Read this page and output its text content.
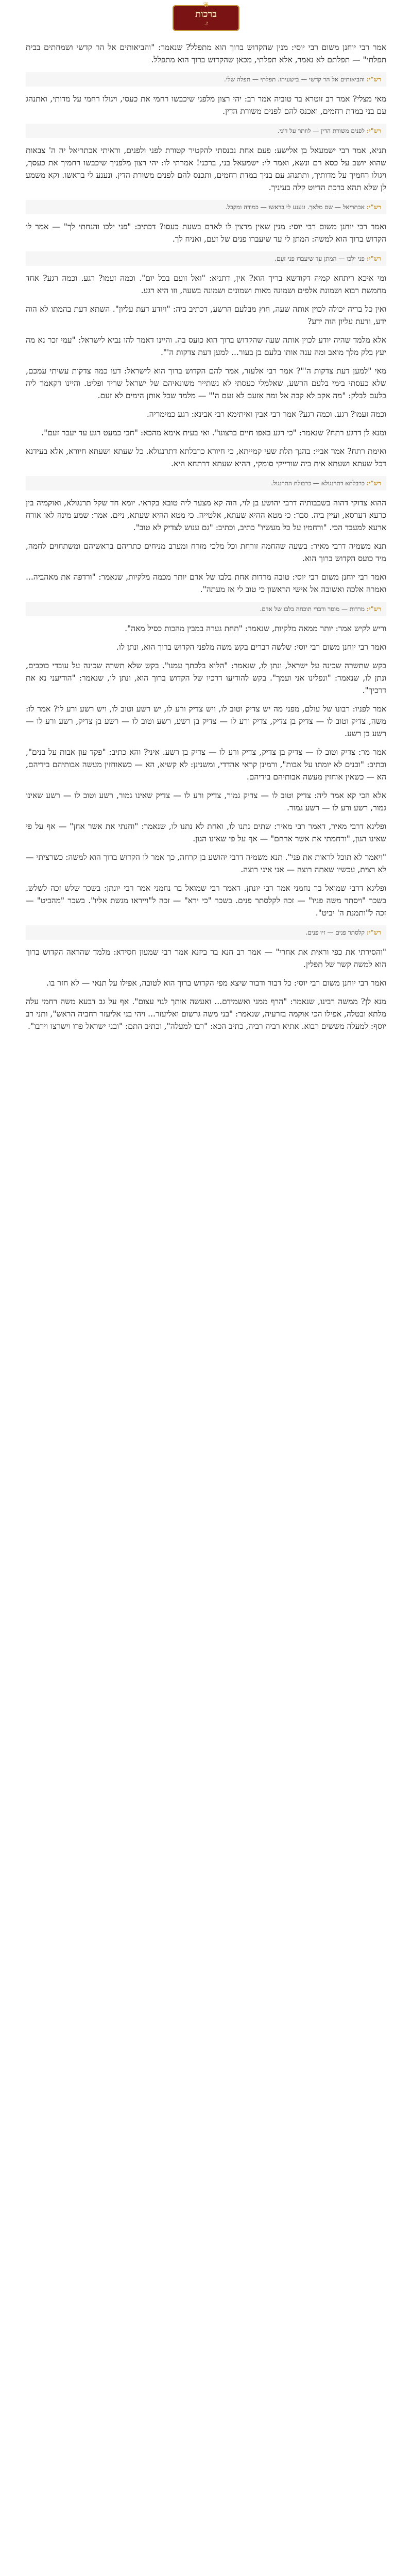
❦
ברכות
ז.

אמר רבי יוחנן משום רבי יוסי: מנין שהקדוש ברוך הוא מתפלל? שנאמר: "והביאותים אל הר קדשי ושמחתים בבית תפלתי" — תפלתם לא נאמר, אלא תפלתי, מכאן שהקדוש ברוך הוא מתפלל.

רש"י: והביאותים אל הר קדשי — בישעיהו. תפלתי — תפלה שלי.

מאי מצלי? אמר רב זוטרא בר טוביה אמר רב: יהי רצון מלפני שיכבשו רחמי את כעסי, ויגולו רחמי על מדותי, ואתנהג עם בני במדת רחמים, ואכנס להם לפנים משורת הדין.

רש"י: לפנים משורת הדין — לוותר על דיני.

תניא, אמר רבי ישמעאל בן אלישע: פעם אחת נכנסתי להקטיר קטורת לפני ולפנים, וראיתי אכתריאל יה ה' צבאות שהוא יושב על כסא רם ונשא, ואמר לי: ישמעאל בני, ברכני! אמרתי לו: יהי רצון מלפניך שיכבשו רחמיך את כעסך, ויגולו רחמיך על מדותיך, ותתנהג עם בניך במדת רחמים, ותכנס להם לפנים משורת הדין. ונענע לי בראשו. וקא משמע לן שלא תהא ברכת הדיוט קלה בעיניך.

רש"י: אכתריאל — שם מלאך. ונענע לי בראשו — כמודה ומקבל.

ואמר רבי יוחנן משום רבי יוסי: מנין שאין מרצין לו לאדם בשעת כעסו? דכתיב: "פני ילכו והנחתי לך" — אמר לו הקדוש ברוך הוא למשה: המתן לי עד שיעברו פנים של זעם, ואניח לך.

רש"י: פני ילכו — המתן עד שיעברו פני זעם.

ומי איכא ריתחא קמיה דקודשא בריך הוא? אין, דתניא: "ואל זועם בכל יום". וכמה זעמו? רגע. וכמה רגע? אחד מחמשת רבוא ושמונת אלפים ושמונה מאות ושמונים ושמונה בשעה, וזו היא רגע.

ואין כל בריה יכולה לכוין אותה שעה, חוץ מבלעם הרשע, דכתיב ביה: "ויודע דעת עליון". השתא דעת בהמתו לא הוה ידע, ודעת עליון הוה ידע?

אלא מלמד שהיה יודע לכוין אותה שעה שהקדוש ברוך הוא כועס בה. והיינו דאמר להו נביא לישראל: "עמי זכר נא מה יעץ בלק מלך מואב ומה ענה אותו בלעם בן בעור... למען דעת צדקות ה'".

מאי "למען דעת צדקות ה'"? אמר רבי אלעזר, אמר להם הקדוש ברוך הוא לישראל: דעו כמה צדקות עשיתי עמכם, שלא כעסתי בימי בלעם הרשע, שאלמלי כעסתי לא נשתייר משונאיהם של ישראל שריד ופליט. והיינו דקאמר ליה בלעם לבלק: "מה אקב לא קבה אל ומה אזעם לא זעם ה'" — מלמד שכל אותן הימים לא זעם.

וכמה זעמו? רגע. וכמה רגע? אמר רבי אבין ואיתימא רבי אבינא: רגע כמימריה.

ומנא לן דרגע רתח? שנאמר: "כי רגע באפו חיים ברצונו". ואי בעית אימא מהכא: "חבי כמעט רגע עד יעבר זעם".

ואימת רתח? אמר אביי: בהנך תלת שעי קמייתא, כי חיורא כרבלתא דתרנגולא. כל שעתא ושעתא חיורא, אלא בעידנא דכל שעתא ושעתא אית ביה שורייקי סומקי, ההיא שעתא דרתחא היא.

רש"י: כרבלתא דתרנגולא — כרבולת התרנגול.

ההוא צדוקי דהוה בשבבותיה דרבי יהושע בן לוי, הוה קא מצער ליה טובא בקראי. יומא חד שקל תרנגולא, ואוקמיה בין כרעא דערסא, ועיין ביה. סבר: כי מטא ההיא שעתא, אלטייה. כי מטא ההיא שעתא, ניים. אמר: שמע מינה לאו אורח ארעא למעבד הכי. "ורחמיו על כל מעשיו" כתיב, וכתיב: "גם ענוש לצדיק לא טוב".

תנא משמיה דרבי מאיר: בשעה שהחמה זורחת וכל מלכי מזרח ומערב מניחים כתריהם בראשיהם ומשתחוים לחמה, מיד כועס הקדוש ברוך הוא.

ואמר רבי יוחנן משום רבי יוסי: טובה מרדות אחת בלבו של אדם יותר מכמה מלקיות, שנאמר: "ורדפה את מאהביה... ואמרה אלכה ואשובה אל אישי הראשון כי טוב לי אז מעתה".

רש"י: מרדות — מוסר ודברי תוכחה בלבו של אדם.

וריש לקיש אמר: יותר ממאה מלקיות, שנאמר: "תחת גערה במבין מהכות כסיל מאה".

ואמר רבי יוחנן משום רבי יוסי: שלשה דברים בקש משה מלפני הקדוש ברוך הוא, ונתן לו.

בקש שתשרה שכינה על ישראל, ונתן לו, שנאמר: "הלוא בלכתך עמנו". בקש שלא תשרה שכינה על עובדי כוכבים, ונתן לו, שנאמר: "ונפלינו אני ועמך". בקש להודיעו דרכיו של הקדוש ברוך הוא, ונתן לו, שנאמר: "הודיעני נא את דרכיך".

אמר לפניו: רבונו של עולם, מפני מה יש צדיק וטוב לו, ויש צדיק ורע לו, יש רשע וטוב לו, ויש רשע ורע לו? אמר לו: משה, צדיק וטוב לו — צדיק בן צדיק, צדיק ורע לו — צדיק בן רשע, רשע וטוב לו — רשע בן צדיק, רשע ורע לו — רשע בן רשע.

אמר מר: צדיק וטוב לו — צדיק בן צדיק, צדיק ורע לו — צדיק בן רשע. איני? והא כתיב: "פקד עון אבות על בנים", וכתיב: "ובנים לא יומתו על אבות", ורמינן קראי אהדדי, ומשנינן: לא קשיא, הא — כשאוחזין מעשה אבותיהם בידיהם, הא — כשאין אוחזין מעשה אבותיהם בידיהם.

אלא הכי קא אמר ליה: צדיק וטוב לו — צדיק גמור, צדיק ורע לו — צדיק שאינו גמור, רשע וטוב לו — רשע שאינו גמור, רשע ורע לו — רשע גמור.

ופליגא דרבי מאיר, דאמר רבי מאיר: שתים נתנו לו, ואחת לא נתנו לו, שנאמר: "וחנתי את אשר אחן" — אף על פי שאינו הגון, "ורחמתי את אשר ארחם" — אף על פי שאינו הגון.

"ויאמר לא תוכל לראות את פני". תנא משמיה דרבי יהושע בן קרחה, כך אמר לו הקדוש ברוך הוא למשה: כשרציתי — לא רצית, עכשיו שאתה רוצה — אני איני רוצה.

ופליגא דרבי שמואל בר נחמני אמר רבי יונתן. דאמר רבי שמואל בר נחמני אמר רבי יונתן: בשכר שלש זכה לשלש. בשכר "ויסתר משה פניו" — זכה לקלסתר פנים. בשכר "כי ירא" — זכה ל"וייראו מגשת אליו". בשכר "מהביט" — זכה ל"ותמנת ה' יביט".

רש"י: קלסתר פנים — זיו פנים.

"והסירתי את כפי וראית את אחרי" — אמר רב חנא בר ביזנא אמר רבי שמעון חסידא: מלמד שהראה הקדוש ברוך הוא למשה קשר של תפלין.

ואמר רבי יוחנן משום רבי יוסי: כל דבור ודבור שיצא מפי הקדוש ברוך הוא לטובה, אפילו על תנאי — לא חזר בו.

מנא לן? ממשה רבינו, שנאמר: "הרף ממני ואשמידם... ואעשה אותך לגוי עצום". אף על גב דבעא משה רחמי עלה מלתא ובטלה, אפילו הכי אוקמה בזרעיה, שנאמר: "בני משה גרשום ואליעזר... ויהי בני אליעזר רחביה הראש", ותני רב יוסף: למעלה מששים רבוא. אתיא רביה רביה, כתיב הכא: "רבו למעלה", וכתיב התם: "ובני ישראל פרו וישרצו וירבו".
